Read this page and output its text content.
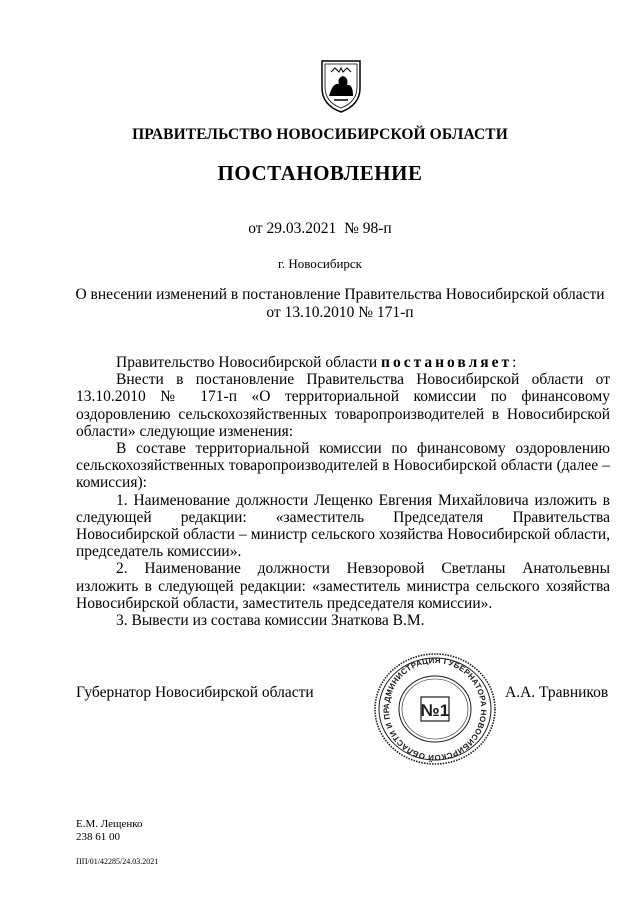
ПРАВИТЕЛЬСТВО НОВОСИБИРСКОЙ ОБЛАСТИ
ПОСТАНОВЛЕНИЕ
от 29.03.2021 № 98-п
г. Новосибирск
О внесении изменений в постановление Правительства Новосибирской области
от 13.10.2010 № 171-п

Правительство Новосибирской области постановляет:

Внести в постановление Правительства Новосибирской области от 13.10.2010 № 171-п «О территориальной комиссии по финансовому оздоровлению сельскохозяйственных товаропроизводителей в Новосибирской области» следующие изменения:

В составе территориальной комиссии по финансовому оздоровлению сельскохозяйственных товаропроизводителей в Новосибирской области (далее – комиссия):

1. Наименование должности Лещенко Евгения Михайловича изложить в следующей редакции: «заместитель Председателя Правительства Новосибирской области – министр сельского хозяйства Новосибирской области, председатель комиссии».

2. Наименование должности Невзоровой Светланы Анатольевны изложить в следующей редакции: «заместитель министра сельского хозяйства Новосибирской области, заместитель председателя комиссии».

3. Вывести из состава комиссии Знаткова В.М.

Губернатор Новосибирской области
АДМИНИСТРАЦИЯ ГУБЕРНАТОРА НОВОСИБИРСКОЙ ОБЛАСТИ И ПР	№1
А.А. Травников
Е.М. Лещенко
238 61 00
ПП/01/42285/24.03.2021
